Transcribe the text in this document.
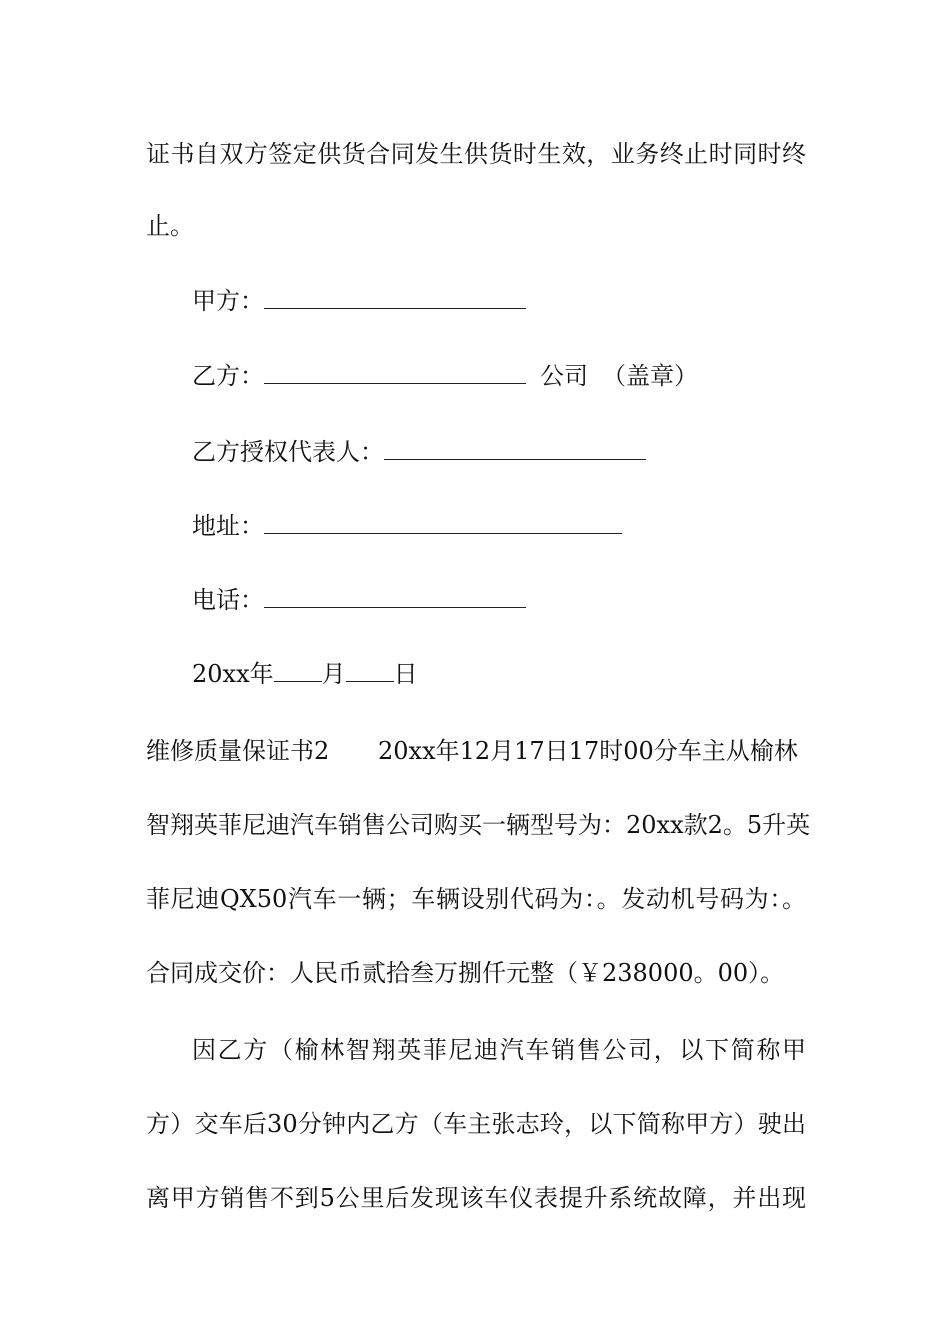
证书自双方签定供货合同发生供货时生效，业务终止时同时终
止。
甲方：
乙方：	公司 （盖章）
乙方授权代表人：
地址：
电话：
20xx年 月 日
维修质量保证书2 20xx年12月17日17时00分车主从榆林
智翔英菲尼迪汽车销售公司购买一辆型号为：20xx款2。5升英
菲尼迪QX50汽车一辆；车辆设别代码为：。发动机号码为：。
合同成交价：人民币贰拾叁万捌仟元整（￥238000。00）。
因乙方（榆林智翔英菲尼迪汽车销售公司，以下简称甲
方）交车后30分钟内乙方（车主张志玲，以下简称甲方）驶出
离甲方销售不到5公里后发现该车仪表提升系统故障，并出现
